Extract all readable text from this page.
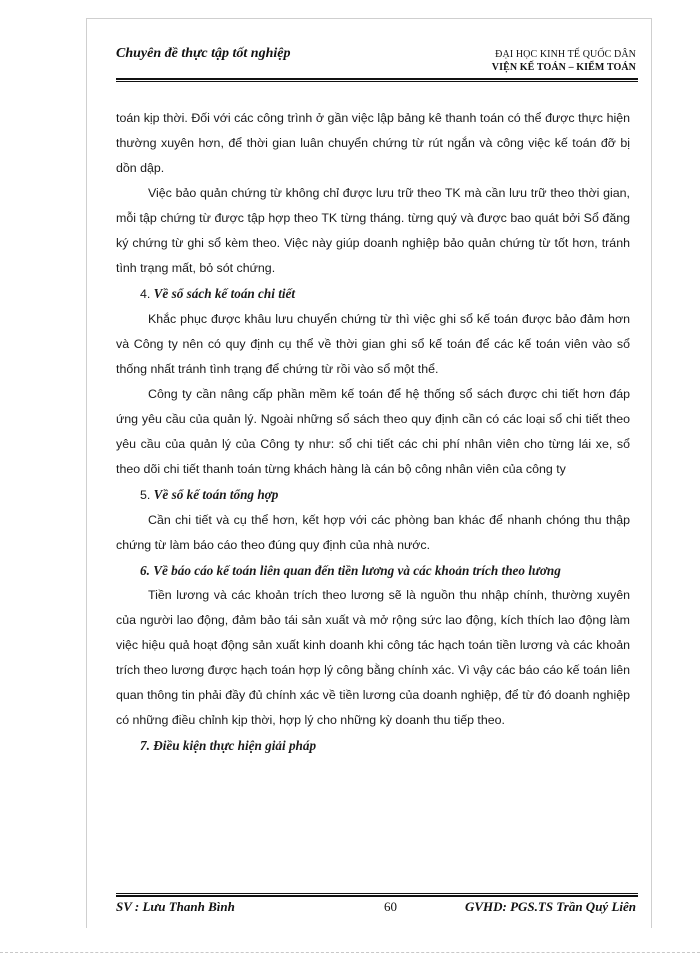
Chuyên đề thực tập tốt nghiệp	ĐẠI HỌC KINH TẾ QUỐC DÂN
VIỆN KẾ TOÁN – KIỂM TOÁN

toán kịp thời. Đối với các công trình ở gần việc lập bảng kê thanh toán có thể được thực hiện thường xuyên hơn, để thời gian luân chuyển chứng từ rút ngắn và công việc kế toán đỡ bị dồn dập.

Việc bảo quản chứng từ không chỉ được lưu trữ theo TK mà cần lưu trữ theo thời gian, mỗi tập chứng từ được tập hợp theo TK từng tháng. từng quý và được bao quát bởi Sổ đăng ký chứng từ ghi sổ kèm theo. Việc này giúp doanh nghiệp bảo quản chứng từ tốt hơn, tránh tình trạng mất, bỏ sót chứng.

4. Về sổ sách kế toán chi tiết

Khắc phục được khâu lưu chuyển chứng từ thì việc ghi sổ kế toán được bảo đảm hơn và Công ty nên có quy định cụ thể về thời gian ghi sổ kế toán để các kế toán viên vào sổ thống nhất tránh tình trạng để chứng từ rồi vào sổ một thể.

Công ty cần nâng cấp phần mềm kế toán để hệ thống sổ sách được chi tiết hơn đáp ứng yêu cầu của quản lý. Ngoài những sổ sách theo quy định cần có các loại sổ chi tiết theo yêu cầu của quản lý của Công ty như: sổ chi tiết các chi phí nhân viên cho từng lái xe, sổ theo dõi chi tiết thanh toán từng khách hàng là cán bộ công nhân viên của công ty

5. Về sổ kế toán tổng hợp

Cần chi tiết và cụ thể hơn, kết hợp với các phòng ban khác để nhanh chóng thu thập chứng từ làm báo cáo theo đúng quy định của nhà nước.

6. Về báo cáo kế toán liên quan đến tiền lương và các khoản trích theo lương

Tiền lương và các khoản trích theo lương sẽ là nguồn thu nhập chính, thường xuyên của người lao động, đảm bảo tái sản xuất và mở rộng sức lao động, kích thích lao động làm việc hiệu quả hoạt động sản xuất kinh doanh khi công tác hạch toán tiền lương và các khoản trích theo lương được hạch toán hợp lý công bằng chính xác. Vì vậy các báo cáo kế toán liên quan thông tin phải đầy đủ chính xác về tiền lương của doanh nghiệp, để từ đó doanh nghiệp có những điều chỉnh kịp thời, hợp lý cho những kỳ doanh thu tiếp theo.

7. Điều kiện thực hiện giải pháp

SV : Lưu Thanh Bình	60	GVHD: PGS.TS Trần Quý Liên
